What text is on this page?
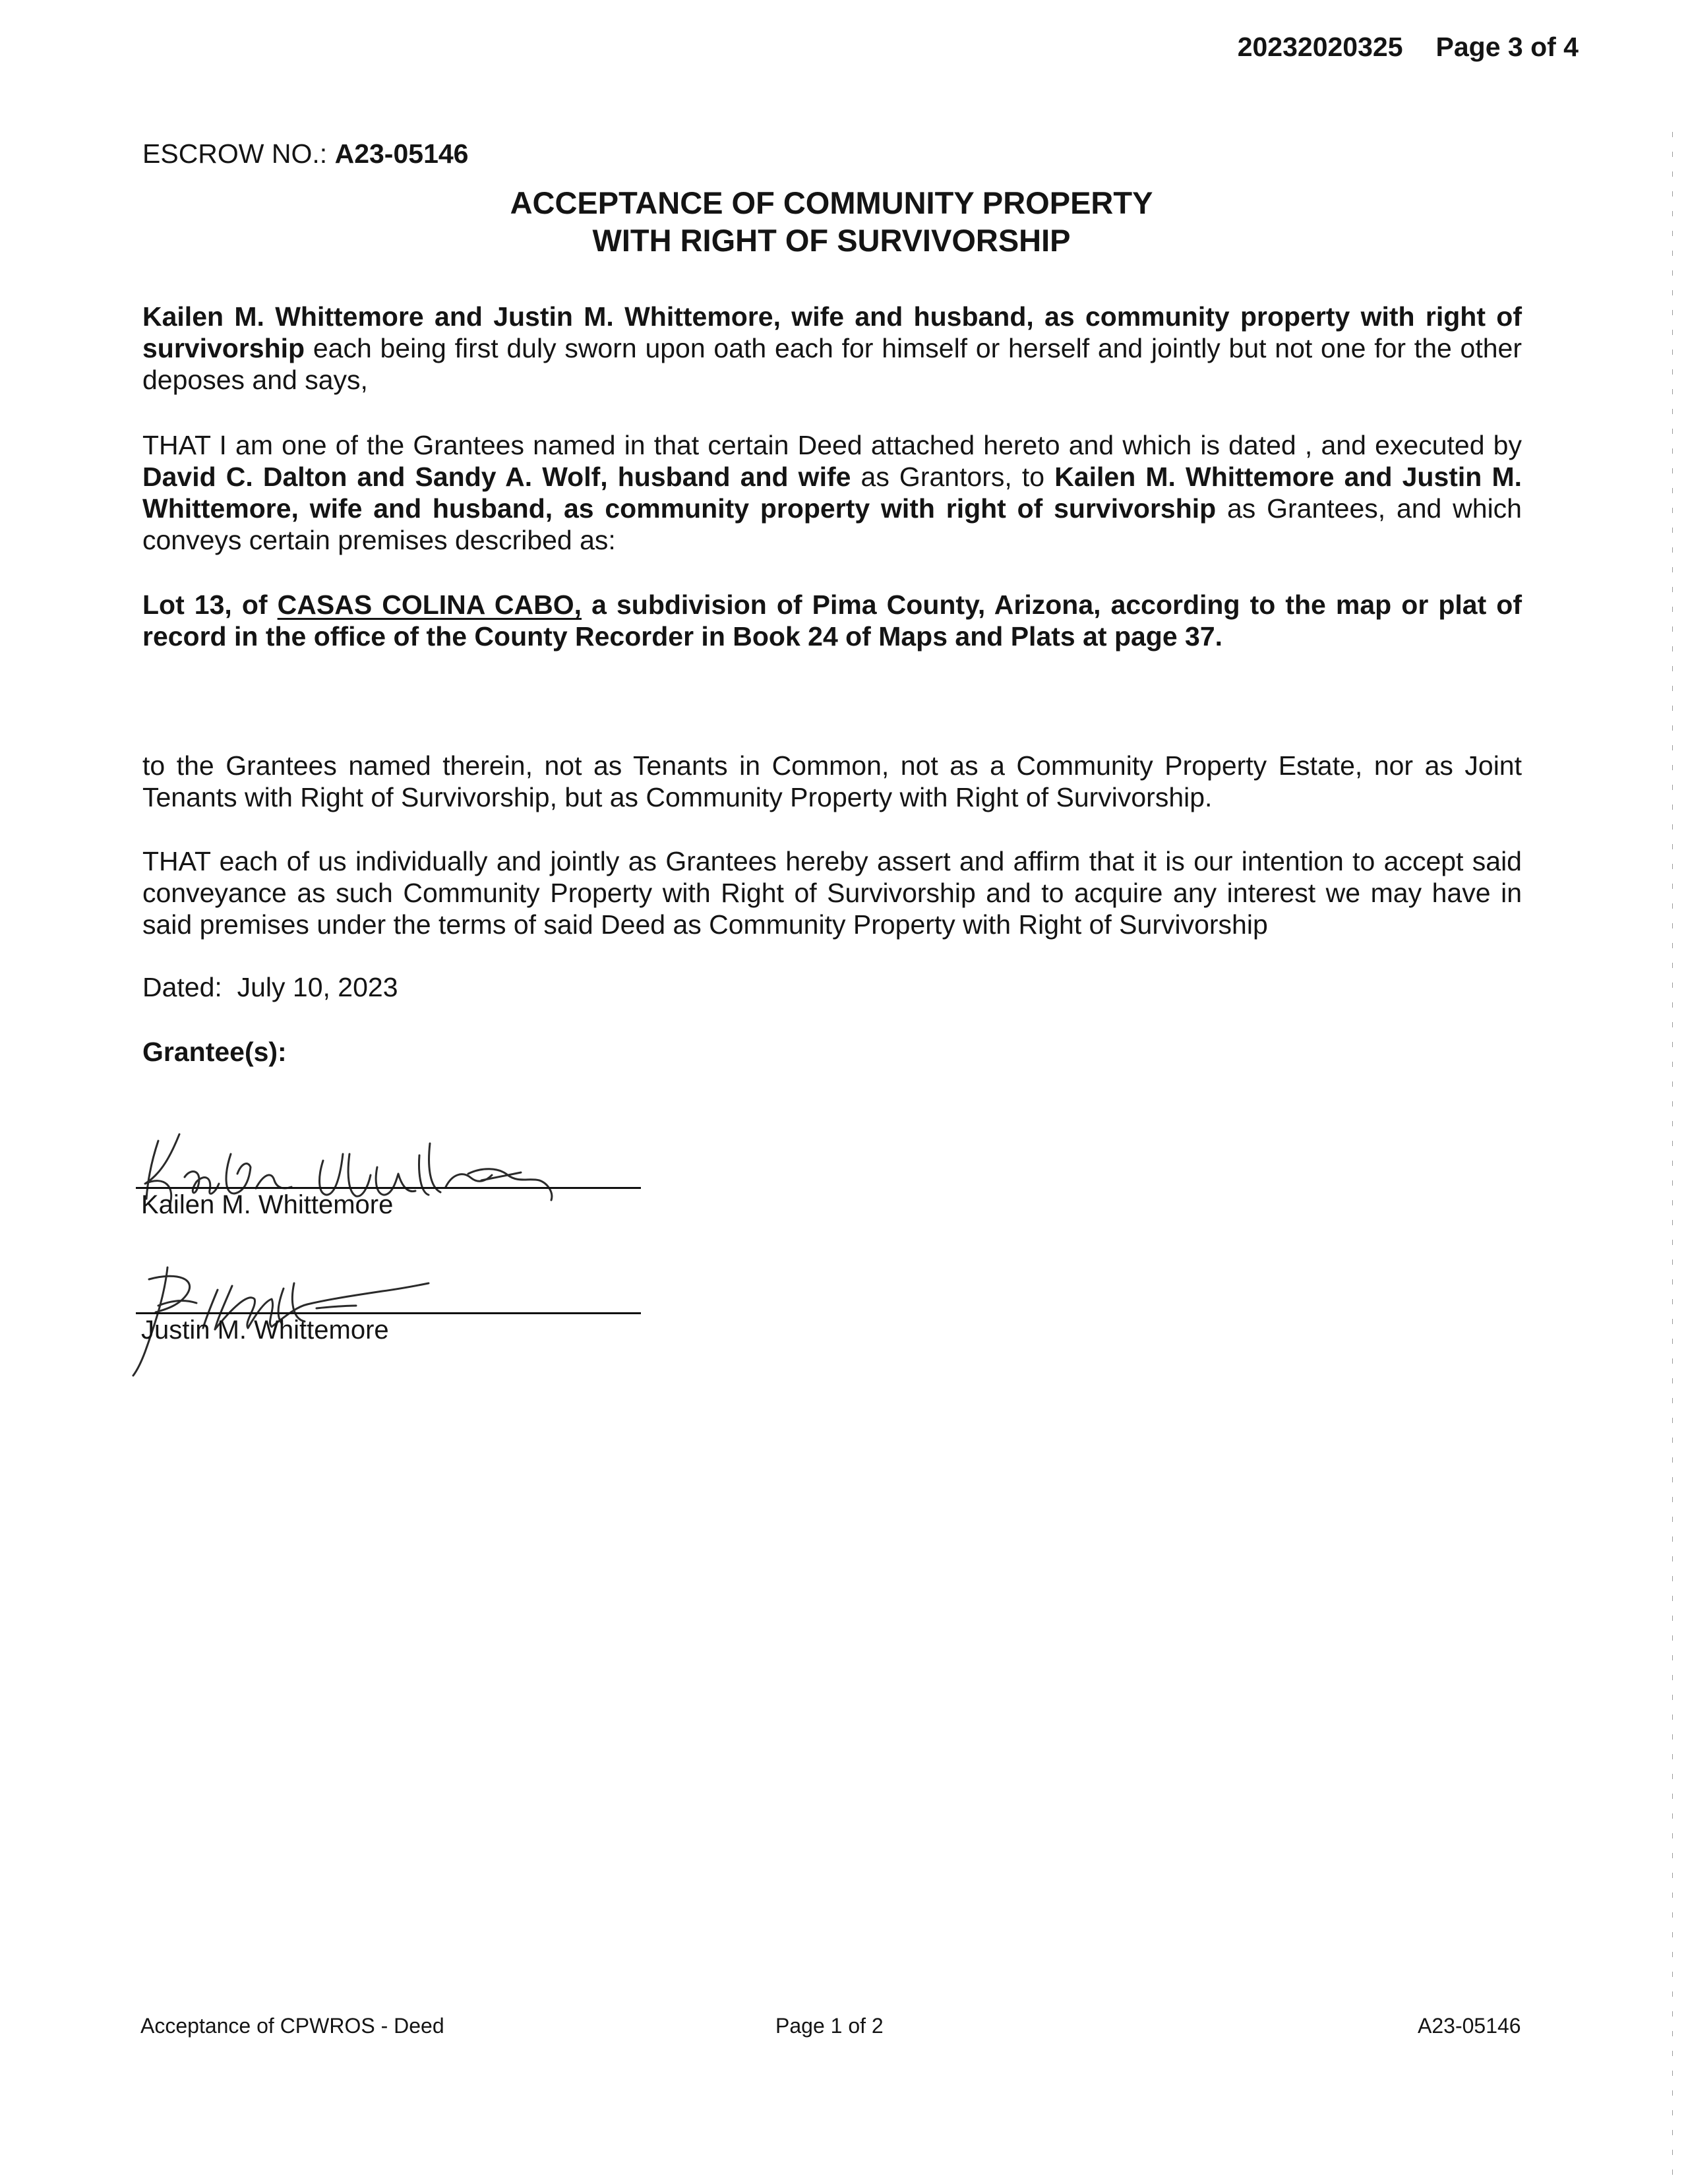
20232020325 Page 3 of 4
ESCROW NO.: A23-05146
ACCEPTANCE OF COMMUNITY PROPERTY
WITH RIGHT OF SURVIVORSHIP
Kailen M. Whittemore and Justin M. Whittemore, wife and husband, as community property with right of
survivorship each being first duly sworn upon oath each for himself or herself and jointly but not one for the other
deposes and says,
THAT I am one of the Grantees named in that certain Deed attached hereto and which is dated , and executed by
David C. Dalton and Sandy A. Wolf, husband and wife as Grantors, to Kailen M. Whittemore and Justin M.
Whittemore, wife and husband, as community property with right of survivorship as Grantees, and which
conveys certain premises described as:
Lot 13, of CASAS COLINA CABO, a subdivision of Pima County, Arizona, according to the map or plat of
record in the office of the County Recorder in Book 24 of Maps and Plats at page 37.
to the Grantees named therein, not as Tenants in Common, not as a Community Property Estate, nor as Joint
Tenants with Right of Survivorship, but as Community Property with Right of Survivorship.
THAT each of us individually and jointly as Grantees hereby assert and affirm that it is our intention to accept said
conveyance as such Community Property with Right of Survivorship and to acquire any interest we may have in
said premises under the terms of said Deed as Community Property with Right of Survivorship
Dated: July 10, 2023
Grantee(s):
Kailen M. Whittemore
Justin M. Whittemore
Acceptance of CPWROS - Deed	Page 1 of 2	A23-05146
